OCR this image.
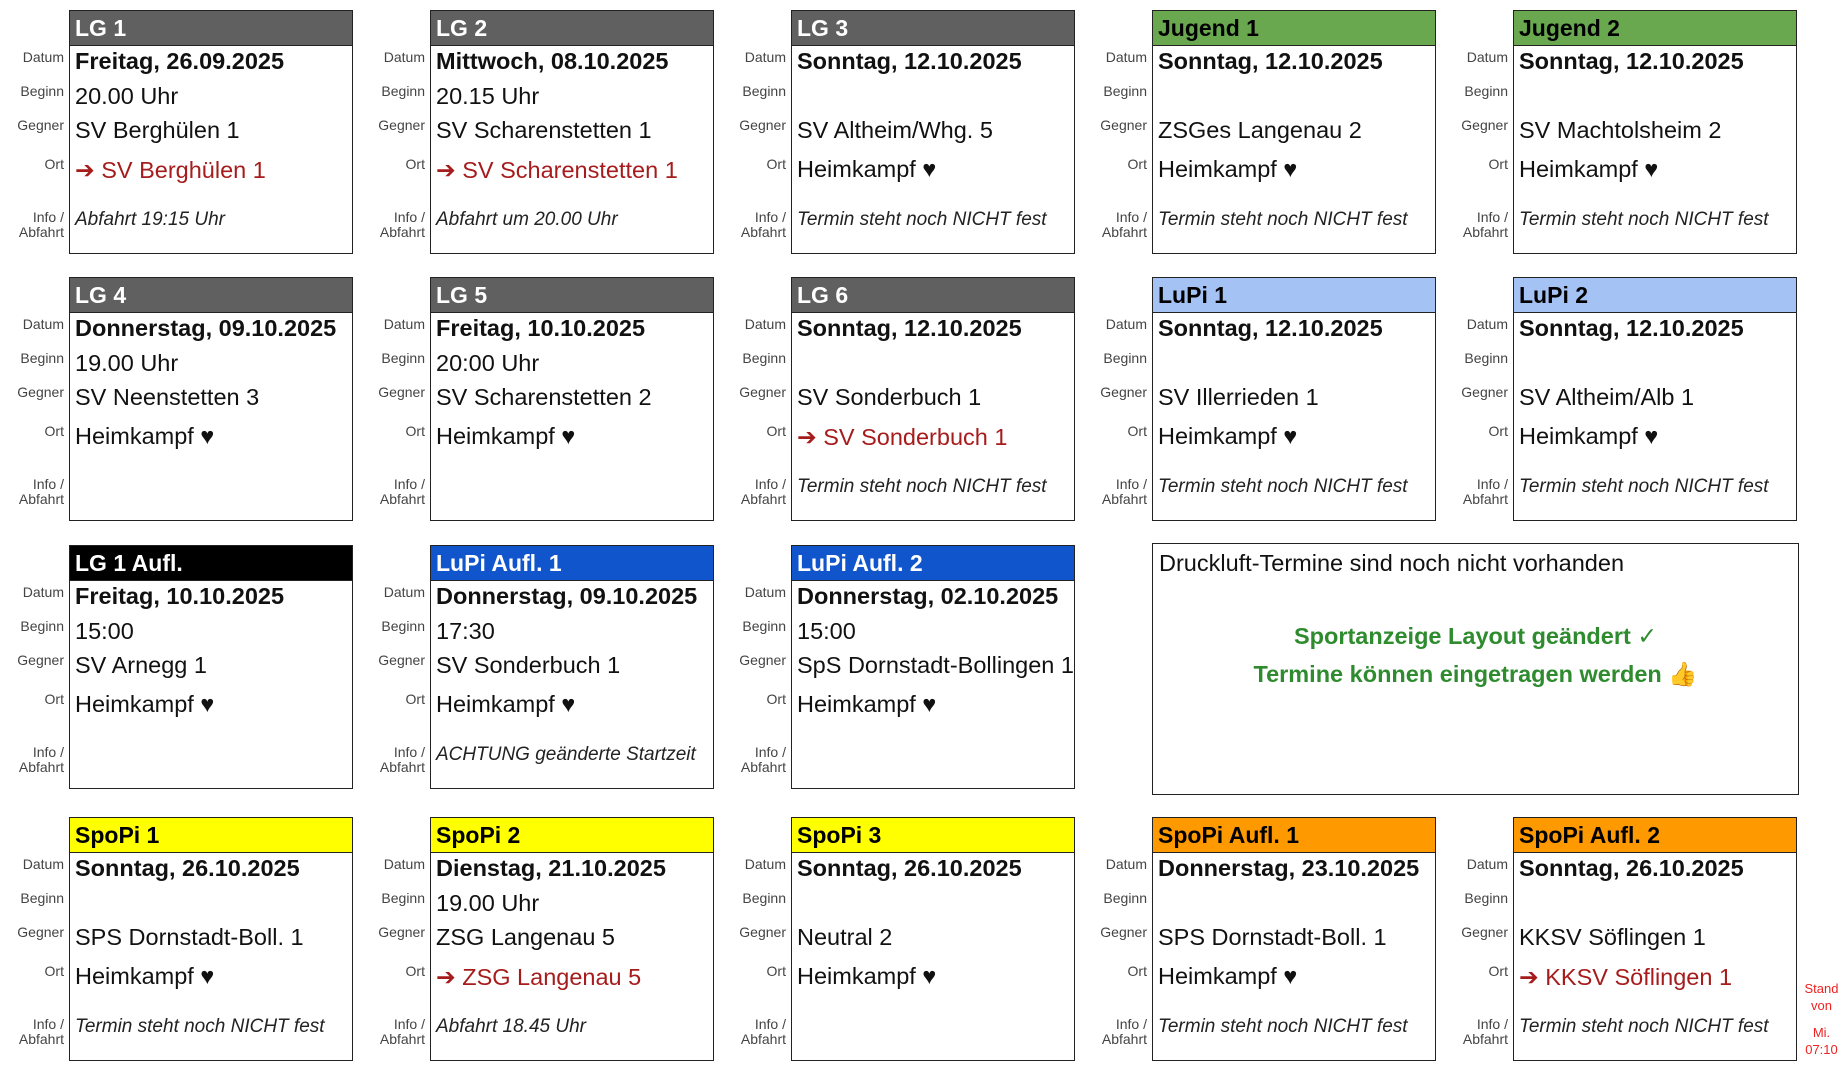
Datum
Beginn
Gegner
Ort
Info /
Abfahrt
LG 1
Freitag, 26.09.2025
20.00 Uhr
SV Berghülen 1
➔ SV Berghülen 1
Abfahrt 19:15 Uhr
Datum
Beginn
Gegner
Ort
Info /
Abfahrt
LG 2
Mittwoch, 08.10.2025
20.15 Uhr
SV Scharenstetten 1
➔ SV Scharenstetten 1
Abfahrt um 20.00 Uhr
Datum
Beginn
Gegner
Ort
Info /
Abfahrt
LG 3
Sonntag, 12.10.2025
SV Altheim/Whg. 5
Heimkampf ♥
Termin steht noch NICHT fest
Datum
Beginn
Gegner
Ort
Info /
Abfahrt
Jugend 1
Sonntag, 12.10.2025
ZSGes Langenau 2
Heimkampf ♥
Termin steht noch NICHT fest
Datum
Beginn
Gegner
Ort
Info /
Abfahrt
Jugend 2
Sonntag, 12.10.2025
SV Machtolsheim 2
Heimkampf ♥
Termin steht noch NICHT fest
Datum
Beginn
Gegner
Ort
Info /
Abfahrt
LG 4
Donnerstag, 09.10.2025
19.00 Uhr
SV Neenstetten 3
Heimkampf ♥
Datum
Beginn
Gegner
Ort
Info /
Abfahrt
LG 5
Freitag, 10.10.2025
20:00 Uhr
SV Scharenstetten 2
Heimkampf ♥
Datum
Beginn
Gegner
Ort
Info /
Abfahrt
LG 6
Sonntag, 12.10.2025
SV Sonderbuch 1
➔ SV Sonderbuch 1
Termin steht noch NICHT fest
Datum
Beginn
Gegner
Ort
Info /
Abfahrt
LuPi 1
Sonntag, 12.10.2025
SV Illerrieden 1
Heimkampf ♥
Termin steht noch NICHT fest
Datum
Beginn
Gegner
Ort
Info /
Abfahrt
LuPi 2
Sonntag, 12.10.2025
SV Altheim/Alb 1
Heimkampf ♥
Termin steht noch NICHT fest
Datum
Beginn
Gegner
Ort
Info /
Abfahrt
LG 1 Aufl.
Freitag, 10.10.2025
15:00
SV Arnegg 1
Heimkampf ♥
Datum
Beginn
Gegner
Ort
Info /
Abfahrt
LuPi Aufl. 1
Donnerstag, 09.10.2025
17:30
SV Sonderbuch 1
Heimkampf ♥
ACHTUNG geänderte Startzeit
Datum
Beginn
Gegner
Ort
Info /
Abfahrt
LuPi Aufl. 2
Donnerstag, 02.10.2025
15:00
SpS Dornstadt-Bollingen 1
Heimkampf ♥
Datum
Beginn
Gegner
Ort
Info /
Abfahrt
SpoPi 1
Sonntag, 26.10.2025
SPS Dornstadt-Boll. 1
Heimkampf ♥
Termin steht noch NICHT fest
Datum
Beginn
Gegner
Ort
Info /
Abfahrt
SpoPi 2
Dienstag, 21.10.2025
19.00 Uhr
ZSG Langenau 5
➔ ZSG Langenau 5
Abfahrt 18.45 Uhr
Datum
Beginn
Gegner
Ort
Info /
Abfahrt
SpoPi 3
Sonntag, 26.10.2025
Neutral 2
Heimkampf ♥
Datum
Beginn
Gegner
Ort
Info /
Abfahrt
SpoPi Aufl. 1
Donnerstag, 23.10.2025
SPS Dornstadt-Boll. 1
Heimkampf ♥
Termin steht noch NICHT fest
Datum
Beginn
Gegner
Ort
Info /
Abfahrt
SpoPi Aufl. 2
Sonntag, 26.10.2025
KKSV Söflingen 1
➔ KKSV Söflingen 1
Termin steht noch NICHT fest
Druckluft-Termine sind noch nicht vorhanden
Sportanzeige Layout geändert ✓
Termine können eingetragen werden 👍
Stand
von
Mi.
07:10
